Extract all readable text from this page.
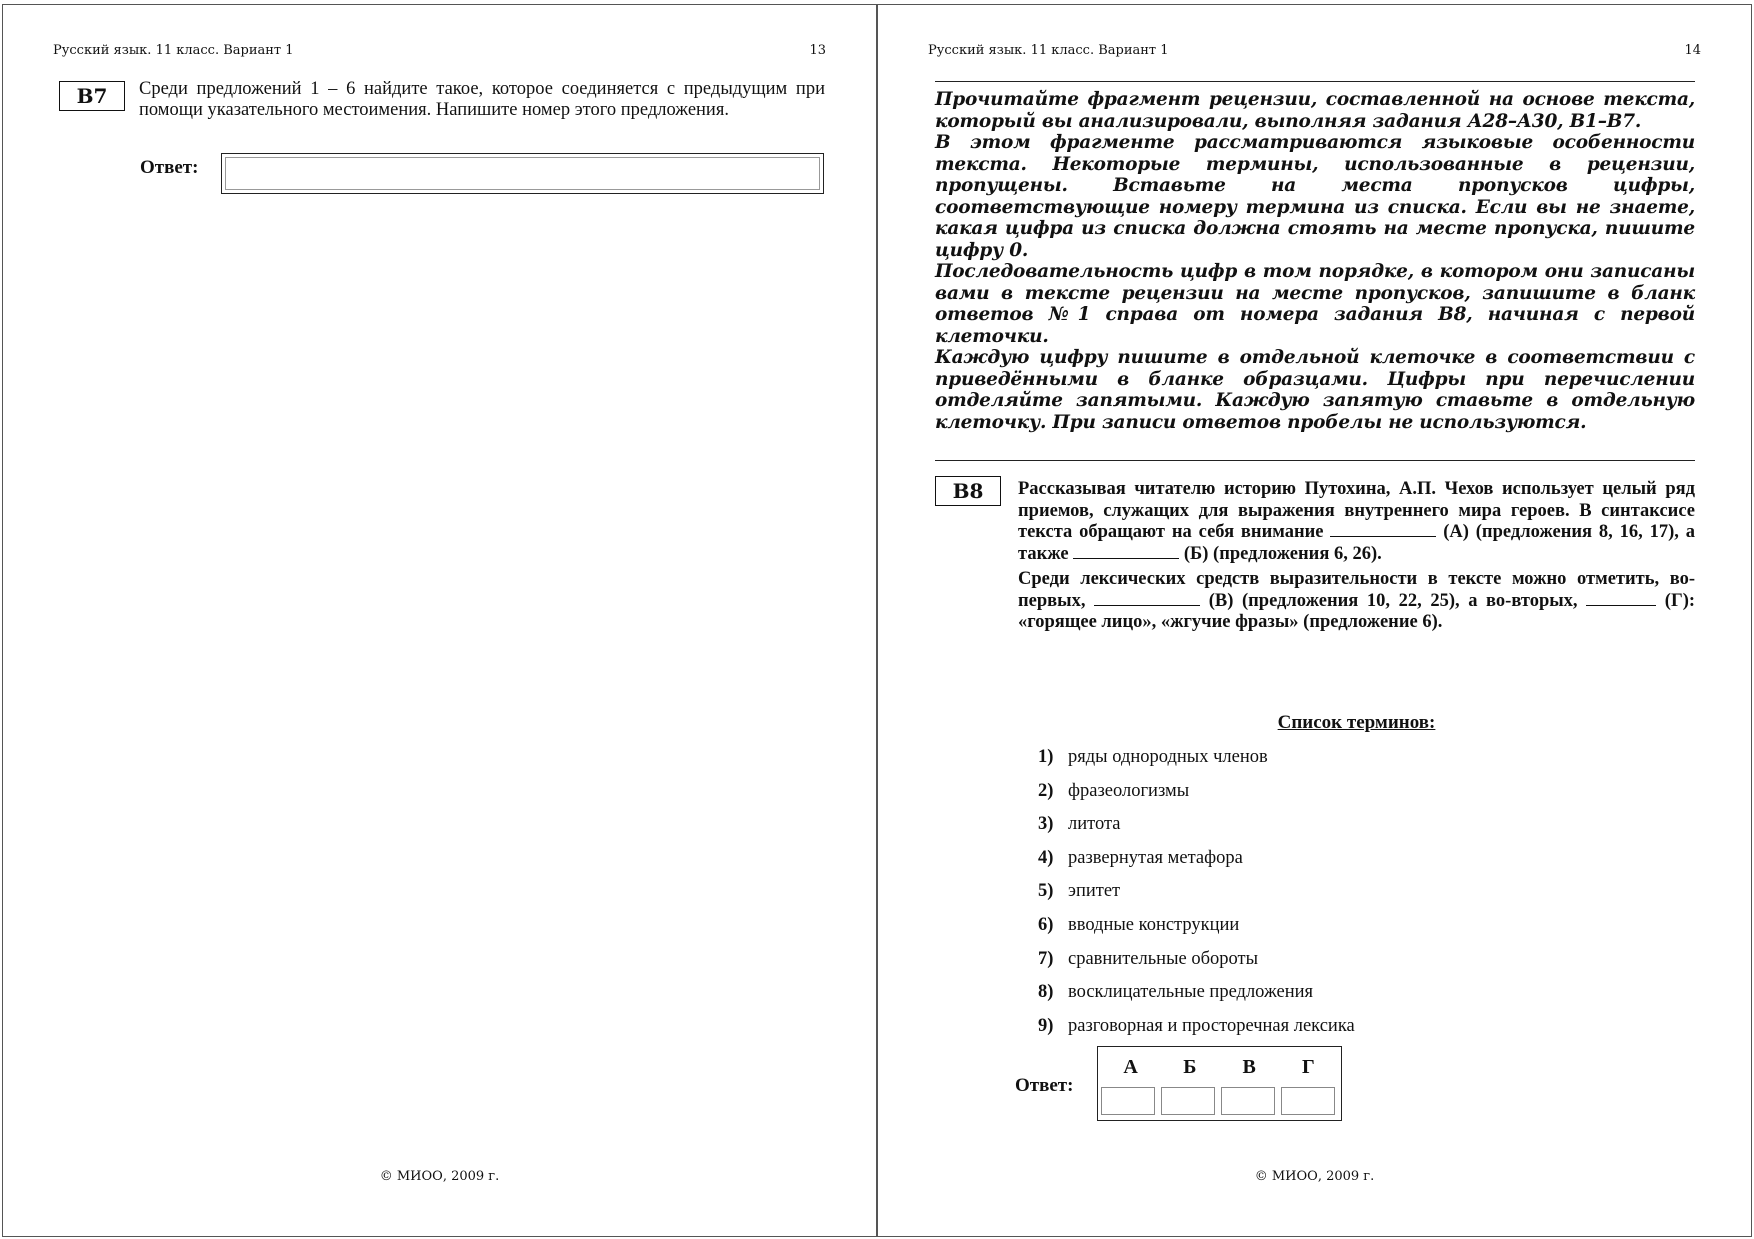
Русский язык. 11 класс. Вариант 1	13
B7	Среди предложений 1 – 6 найдите такое, которое соединяется с предыдущим при помощи указательного местоимения. Напишите номер этого предложения.
Ответ:
© МИОО, 2009 г.
Русский язык. 11 класс. Вариант 1	14

Прочитайте фрагмент рецензии, составленной на основе текста, который вы анализировали, выполняя задания А28–А30, В1–В7.

В этом фрагменте рассматриваются языковые особенности текста. Некоторые термины, использованные в рецензии, пропущены. Вставьте на места пропусков цифры, соответствующие номеру термина из списка. Если вы не знаете, какая цифра из списка должна стоять на месте пропуска, пишите цифру 0.

Последовательность цифр в том порядке, в котором они записаны вами в тексте рецензии на месте пропусков, запишите в бланк ответов №1 справа от номера задания В8, начиная с первой клеточки.

Каждую цифру пишите в отдельной клеточке в соответствии с приведёнными в бланке образцами. Цифры при перечислении отделяйте запятыми. Каждую запятую ставьте в отдельную клеточку. При записи ответов пробелы не используются.

B8	Рассказывая читателю историю Путохина, А.П. Чехов использует целый ряд приемов, служащих для выражения внутреннего мира героев. В синтаксисе текста обращают на себя внимание	(А) (предложения 8, 16, 17), а также	(Б) (предложения 6, 26).

Среди лексических средств выразительности в тексте можно отметить, во-первых,	(В) (предложения 10, 22, 25), а во-вторых,	(Г): «горящее лицо», «жгучие фразы» (предложение 6).

Список терминов:
1) ряды однородных членов
2) фразеологизмы
3) литота
4) развернутая метафора
5) эпитет
6) вводные конструкции
7) сравнительные обороты
8) восклицательные предложения
9) разговорная и просторечная лексика
Ответ:
А	Б	В	Г
© МИОО, 2009 г.
